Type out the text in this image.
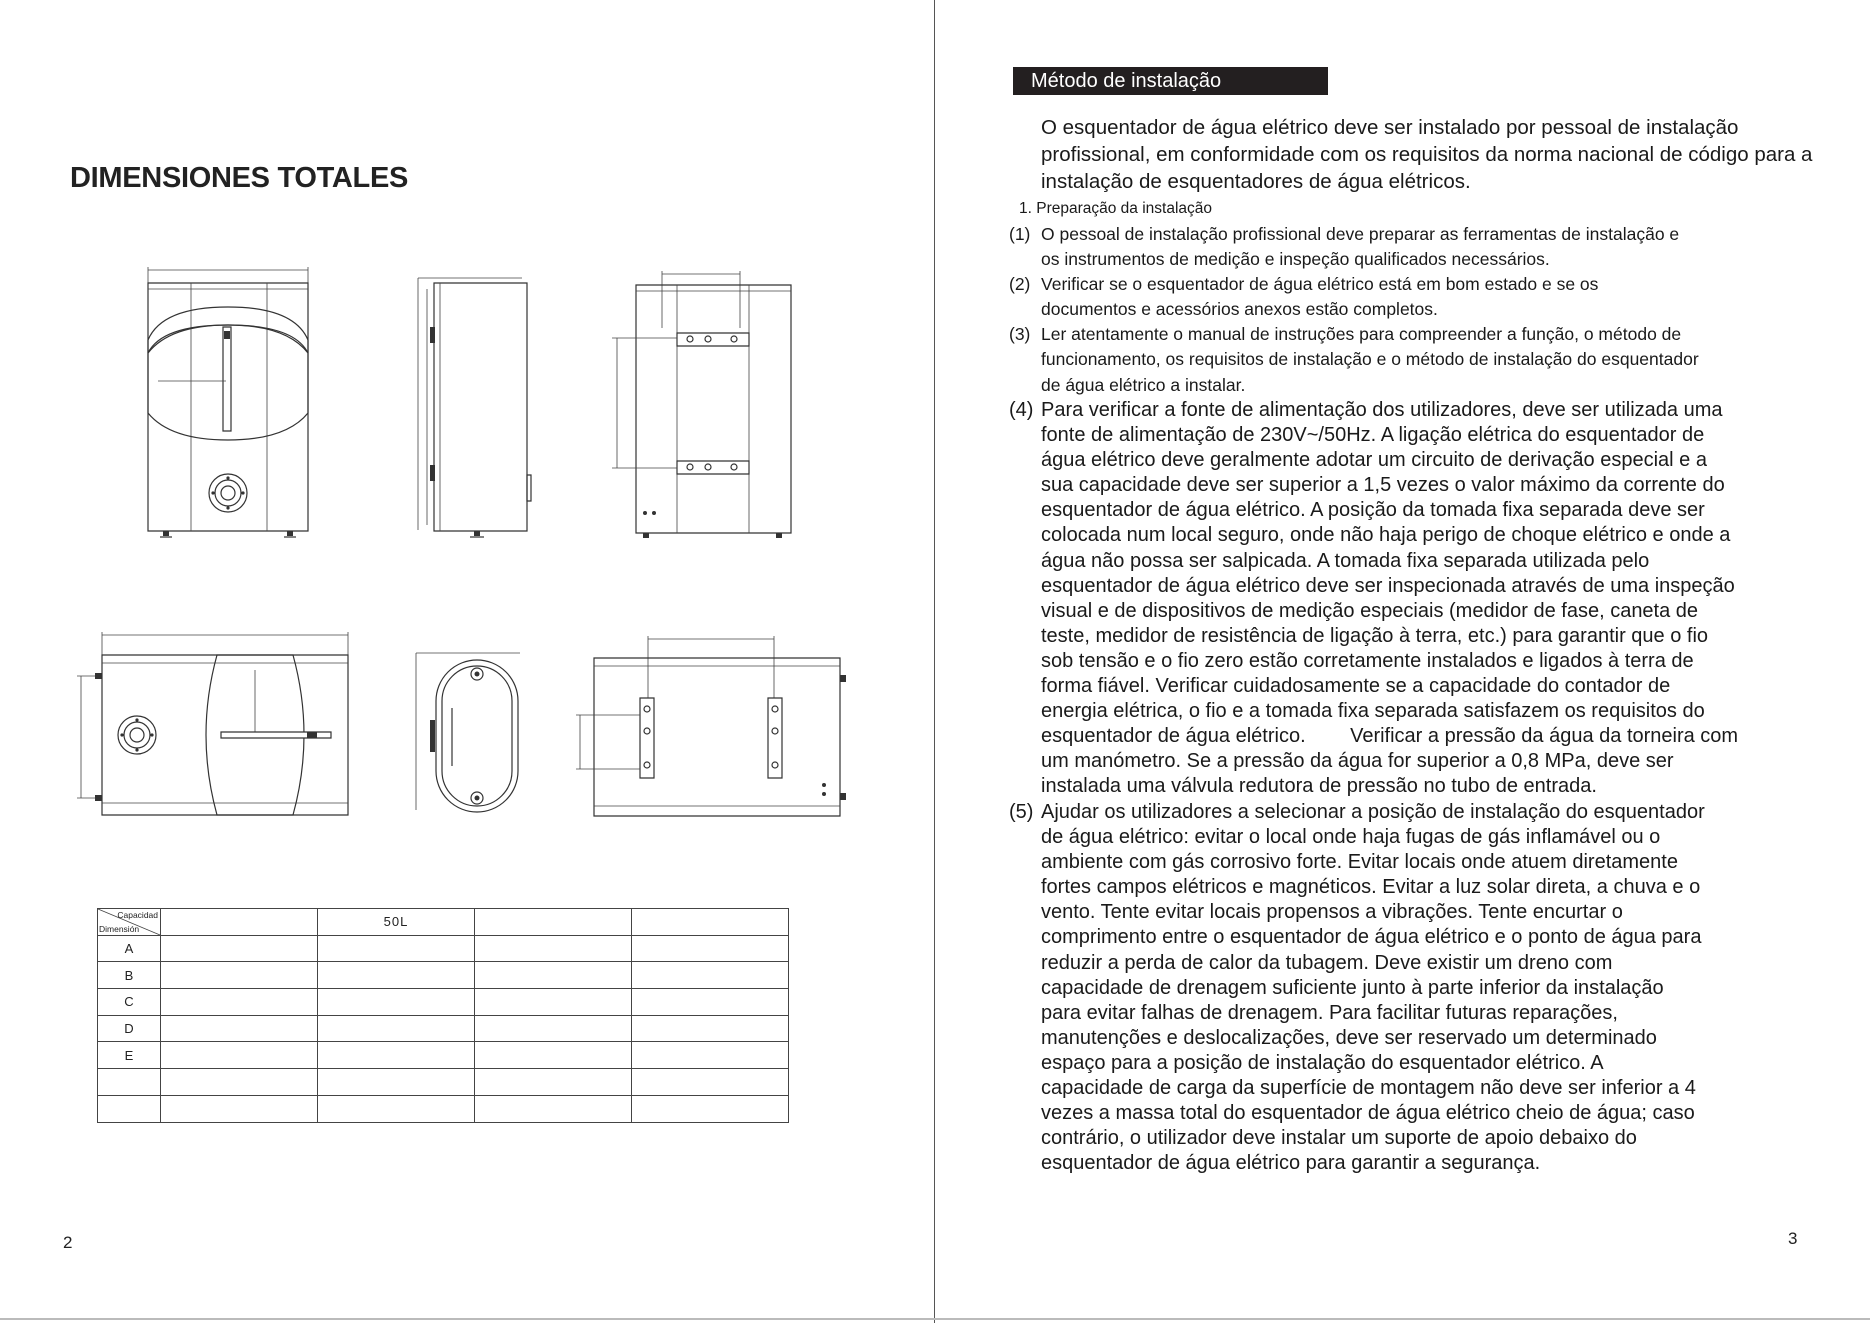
DIMENSIONES TOTALES
Capacidad
Dimensión		50L		
A				
B				
C				
D				
E				

2
Método de instalação

O esquentador de água elétrico deve ser instalado por pessoal de instalação profissional, em conformidade com os requisitos da norma nacional de código para a instalação de esquentadores de água elétricos.

1. Preparação da instalação

(1) O pessoal de instalação profissional deve preparar as ferramentas de instalação e
os instrumentos de medição e inspeção qualificados necessários.
(2) Verificar se o esquentador de água elétrico está em bom estado e se os
documentos e acessórios anexos estão completos.
(3) Ler atentamente o manual de instruções para compreender a função, o método de
funcionamento, os requisitos de instalação e o método de instalação do esquentador
de água elétrico a instalar.
(4) Para verificar a fonte de alimentação dos utilizadores, deve ser utilizada uma
fonte de alimentação de 230V~/50Hz. A ligação elétrica do esquentador de
água elétrico deve geralmente adotar um circuito de derivação especial e a
sua capacidade deve ser superior a 1,5 vezes o valor máximo da corrente do
esquentador de água elétrico. A posição da tomada fixa separada deve ser
colocada num local seguro, onde não haja perigo de choque elétrico e onde a
água não possa ser salpicada. A tomada fixa separada utilizada pelo
esquentador de água elétrico deve ser inspecionada através de uma inspeção
visual e de dispositivos de medição especiais (medidor de fase, caneta de
teste, medidor de resistência de ligação à terra, etc.) para garantir que o fio
sob tensão e o fio zero estão corretamente instalados e ligados à terra de
forma fiável. Verificar cuidadosamente se a capacidade do contador de
energia elétrica, o fio e a tomada fixa separada satisfazem os requisitos do
esquentador de água elétrico.        Verificar a pressão da água da torneira com
um manómetro. Se a pressão da água for superior a 0,8 MPa, deve ser
instalada uma válvula redutora de pressão no tubo de entrada.
(5) Ajudar os utilizadores a selecionar a posição de instalação do esquentador
de água elétrico: evitar o local onde haja fugas de gás inflamável ou o
ambiente com gás corrosivo forte. Evitar locais onde atuem diretamente
fortes campos elétricos e magnéticos. Evitar a luz solar direta, a chuva e o
vento. Tente evitar locais propensos a vibrações. Tente encurtar o
comprimento entre o esquentador de água elétrico e o ponto de água para
reduzir a perda de calor da tubagem. Deve existir um dreno com
capacidade de drenagem suficiente junto à parte inferior da instalação
para evitar falhas de drenagem. Para facilitar futuras reparações,
manutenções e deslocalizações, deve ser reservado um determinado
espaço para a posição de instalação do esquentador elétrico. A
capacidade de carga da superfície de montagem não deve ser inferior a 4
vezes a massa total do esquentador de água elétrico cheio de água; caso
contrário, o utilizador deve instalar um suporte de apoio debaixo do
esquentador de água elétrico para garantir a segurança.
3
